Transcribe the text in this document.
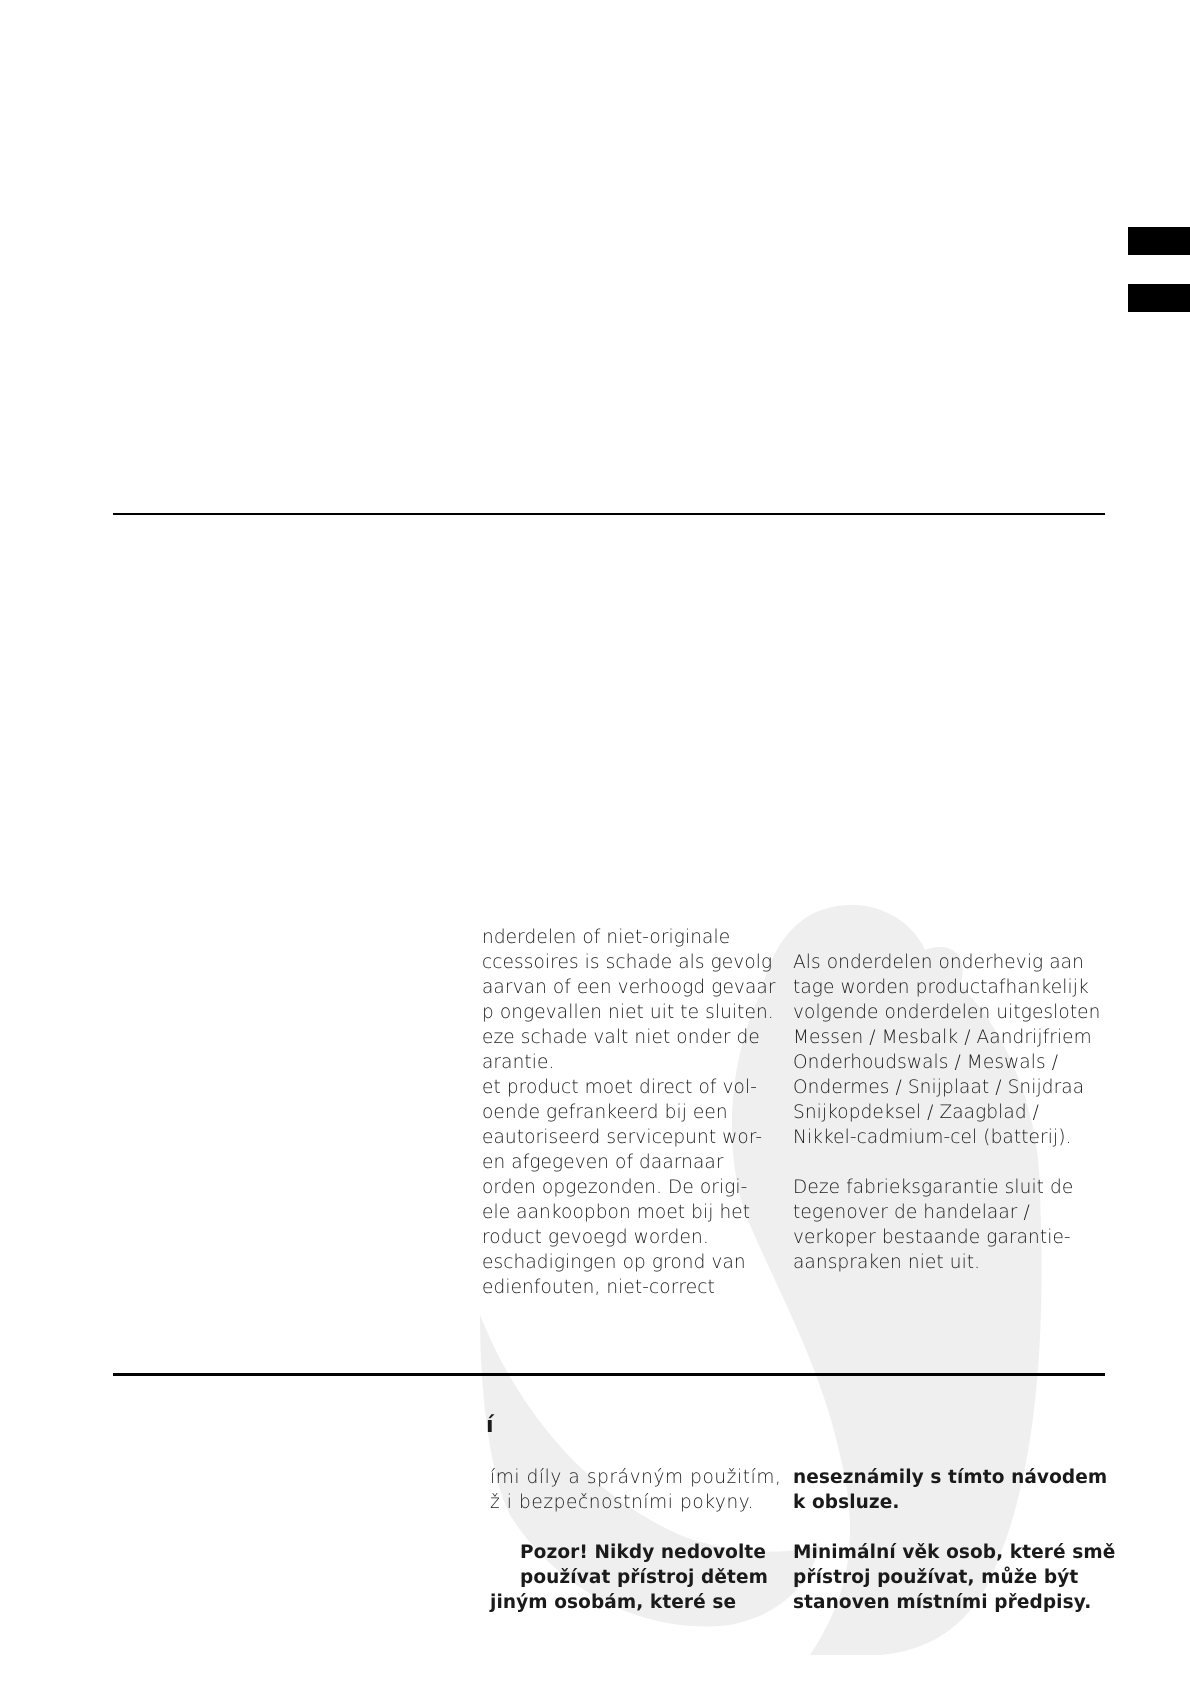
nderdelen of niet-originale
ccessoires is schade als gevolg
aarvan of een verhoogd gevaar
p ongevallen niet uit te sluiten.
eze schade valt niet onder de
arantie.
et product moet direct of vol-
oende gefrankeerd bij een
eautoriseerd servicepunt wor-
en afgegeven of daarnaar
orden opgezonden. De origi-
ele aankoopbon moet bij het
roduct gevoegd worden.
eschadigingen op grond van
edienfouten, niet-correct
Als onderdelen onderhevig aan
tage worden productafhankelijk
volgende onderdelen uitgesloten
Messen / Mesbalk / Aandrijfriem
Onderhoudswals / Meswals /
Ondermes / Snijplaat / Snijdraa
Snijkopdeksel / Zaagblad /
Nikkel-cadmium-cel (batterij).
Deze fabrieksgarantie sluit de
tegenover de handelaar /
verkoper bestaande garantie-
aanspraken niet uit.
í
ími díly a správným použitím,
ž i bezpečnostními pokyny.
Pozor! Nikdy nedovolte
používat přístroj dětem
jiným osobám, které se
neseznámily s tímto návodem
k obsluze.
Minimální věk osob, které smě
přístroj používat, může být
stanoven místními předpisy.
